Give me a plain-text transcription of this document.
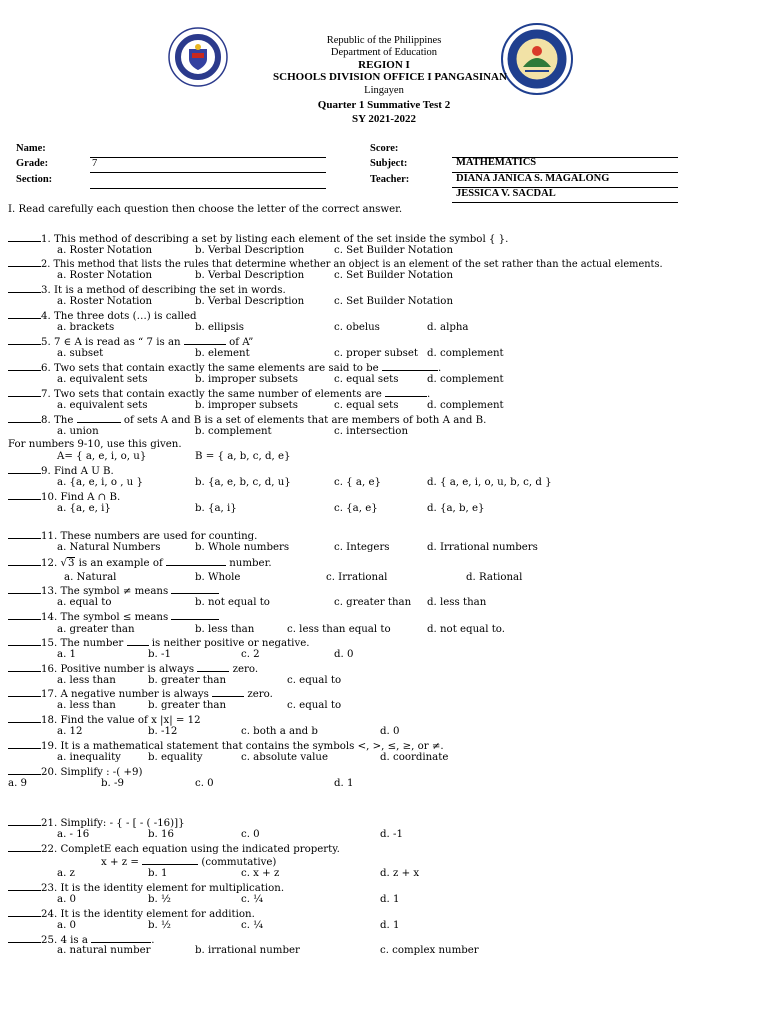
Republic of the Philippines
Department of Education
REGION I
SCHOOLS DIVISION OFFICE I PANGASINAN
Lingayen
Quarter 1 Summative Test 2
SY 2021-2022
Name:
Grade:	7
Section:
Score:
Subject:	MATHEMATICS
Teacher:	DIANA JANICA S. MAGALONG
JESSICA V. SACDAL
I. Read carefully each question then choose the letter of the correct answer.
1. This method of describing a set by listing each element of the set inside the symbol { }.
a. Roster Notation	b. Verbal Description	c. Set Builder Notation
2. This method that lists the rules that determine whether an object is an element of the set rather than the actual elements.
a. Roster Notation	b. Verbal Description	c. Set Builder Notation
3. It is a method of describing the set in words.
a. Roster Notation	b. Verbal Description	c. Set Builder Notation
4. The three dots (…) is called
a. brackets	b. ellipsis	c. obelus	d. alpha
5. 7 ∈ A is read as “ 7 is an	of A”
a. subset	b. element	c. proper subset d. complement
6. Two sets that contain exactly the same elements are said to be	.
a. equivalent sets	b. improper subsets	c. equal sets	d. complement
7. Two sets that contain exactly the same number of elements are	.
a. equivalent sets	b. improper subsets	c. equal sets	d. complement
8. The	of sets A and B is a set of elements that are members of both A and B.
a. union	b. complement	c. intersection
For numbers 9-10, use this given.
A= { a, e, i, o, u}	B = { a, b, c, d, e}
9. Find A U B.
a. {a, e, i, o , u }	b. {a, e, b, c, d, u}	c. { a, e}	d. { a, e, i, o, u, b, c, d }
10. Find A ∩ B.
a. {a, e, i}	b. {a, i}	c. {a, e}	d. {a, b, e}
11. These numbers are used for counting.
a. Natural Numbers	b. Whole numbers	c. Integers	d. Irrational numbers
12. √3 is an example of	number.
a. Natural	b. Whole	c. Irrational	d. Rational
13. The symbol ≠ means
a. equal to	b. not equal to	c. greater than d. less than
14. The symbol ≤ means
a. greater than	b. less than	c. less than equal to	d. not equal to.
15. The number	is neither positive or negative.
a. 1	b. -1	c. 2	d. 0
16. Positive number is always	zero.
a. less than	b. greater than	c. equal to
17. A negative number is always	zero.
a. less than	b. greater than	c. equal to
18. Find the value of x |x| = 12
a. 12	b. -12	c. both a and b	d. 0
19. It is a mathematical statement that contains the symbols <, >, ≤, ≥, or ≠.
a. inequality	b. equality	c. absolute value	d. coordinate
20. Simplify : -( +9)
a. 9	b. -9	c. 0	d. 1
21. Simplify: - { - [ - ( -16)]}
a. - 16	b. 16	c. 0	d. -1
22. CompletE each equation using the indicated property.
x + z =	(commutative)
a. z	b. 1	c. x + z	d. z + x
23. It is the identity element for multiplication.
a. 0	b. ½	c. ¼	d. 1
24. It is the identity element for addition.
a. 0	b. ½	c. ¼	d. 1
25. 4 is a	.
a. natural number	b. irrational number	c. complex number
